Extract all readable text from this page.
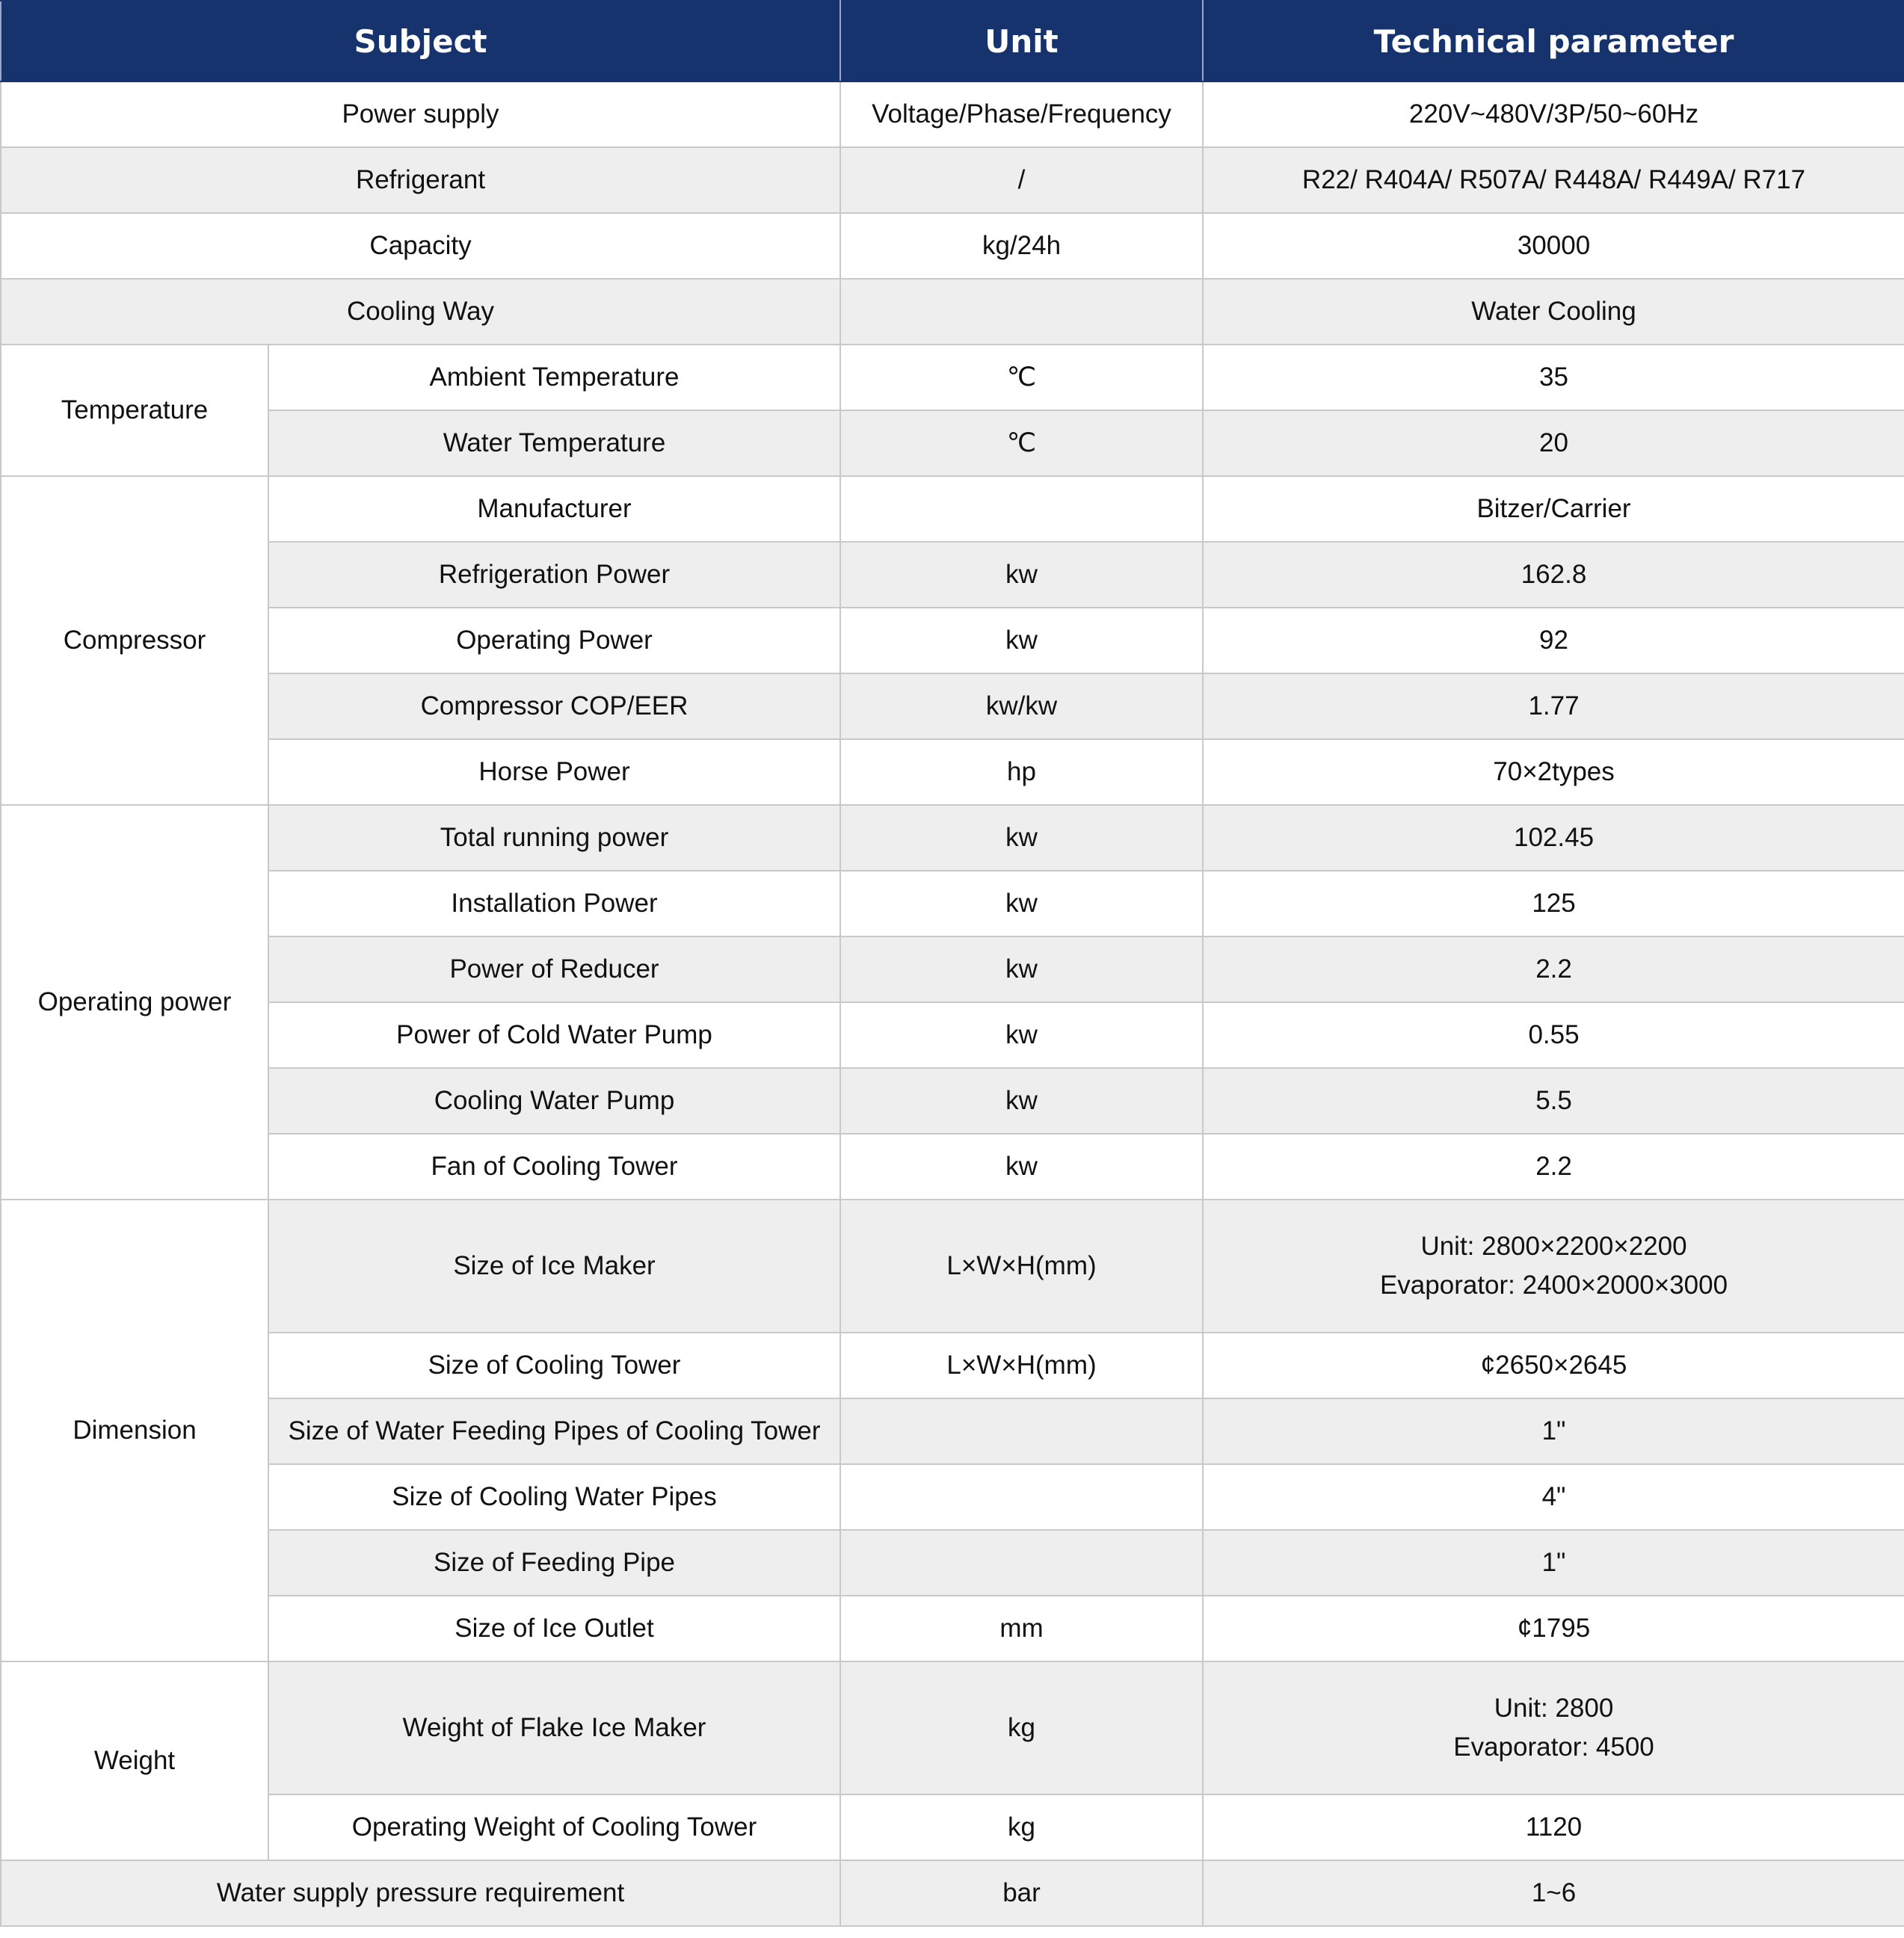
Subject		Unit	Technical parameter
Power supply		Voltage/Phase/Frequency	220V~480V/3P/50~60Hz
Refrigerant		/	R22/ R404A/ R507A/ R448A/ R449A/ R717
Capacity		kg/24h	30000
Cooling Way			Water Cooling
Temperature	Ambient Temperature	℃	35
	Water Temperature	℃	20
Compressor	Manufacturer		Bitzer/Carrier
	Refrigeration Power	kw	162.8
	Operating Power	kw	92
	Compressor COP/EER	kw/kw	1.77
	Horse Power	hp	70×2types
Operating power	Total running power	kw	102.45
	Installation Power	kw	125
	Power of Reducer	kw	2.2
	Power of Cold Water Pump	kw	0.55
	Cooling Water Pump	kw	5.5
	Fan of Cooling Tower	kw	2.2
Dimension	Size of Ice Maker	L×W×H(mm)	Unit: 2800×2200×2200
Evaporator: 2400×2000×3000

	Size of Cooling Tower	L×W×H(mm)	¢2650×2645
	Size of Water Feeding Pipes of Cooling Tower		1"
	Size of Cooling Water Pipes		4"
	Size of Feeding Pipe		1"
	Size of Ice Outlet	mm	¢1795
Weight	Weight of Flake Ice Maker	kg	Unit: 2800
Evaporator: 4500

	Operating Weight of Cooling Tower	kg	1120
Water supply pressure requirement		bar	1~6
